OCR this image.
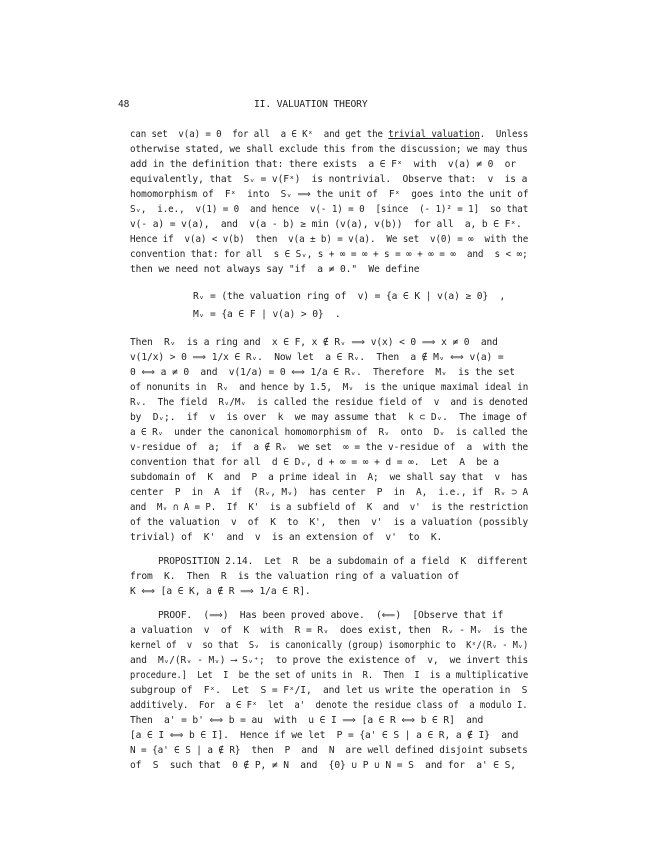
48	II. VALUATION THEORY
can set  v(a) = 0  for all  a ∈ Kˣ  and get the trivial valuation.  Unless
otherwise stated, we shall exclude this from the discussion; we may thus
add in the definition that: there exists  a ∈ Fˣ  with  v(a) ≠ 0  or
equivalently, that  Sᵥ = v(Fˣ)  is nontrivial.  Observe that:  v  is a
homomorphism of  Fˣ  into  Sᵥ ⟹ the unit of  Fˣ  goes into the unit of
Sᵥ,  i.e.,  v(1) = 0  and hence  v(- 1) = 0  [since  (- 1)² = 1]  so that
v(- a) = v(a),  and  v(a - b) ≥ min (v(a), v(b))  for all  a, b ∈ Fˣ.
Hence if  v(a) < v(b)  then  v(a ± b) = v(a).  We set  v(0) = ∞  with the
convention that: for all  s ∈ Sᵥ, s + ∞ = ∞ + s = ∞ + ∞ = ∞  and  s < ∞;
then we need not always say "if  a ≠ 0."  We define
Rᵥ = (the valuation ring of  v) = {a ∈ K | v(a) ≥ 0}  ,
Mᵥ = {a ∈ F | v(a) > 0}  .
Then  Rᵥ  is a ring and  x ∈ F, x ∉ Rᵥ ⟹ v(x) < 0 ⟹ x ≠ 0  and
v(1/x) > 0 ⟹ 1/x ∈ Rᵥ.  Now let  a ∈ Rᵥ.  Then  a ∉ Mᵥ ⟺ v(a) =
0 ⟺ a ≠ 0  and  v(1/a) = 0 ⟺ 1/a ∈ Rᵥ.  Therefore  Mᵥ  is the set
of nonunits in  Rᵥ  and hence by 1.5,  Mᵥ  is the unique maximal ideal in
Rᵥ.  The field  Rᵥ/Mᵥ  is called the residue field of  v  and is denoted
by  Dᵥ;.  if  v  is over  k  we may assume that  k ⊂ Dᵥ.  The image of
a ∈ Rᵥ  under the canonical homomorphism of  Rᵥ  onto  Dᵥ  is called the
v-residue of  a;  if  a ∉ Rᵥ  we set  ∞ = the v-residue of  a  with the
convention that for all  d ∈ Dᵥ, d + ∞ = ∞ + d = ∞.  Let  A  be a
subdomain of  K  and  P  a prime ideal in  A;  we shall say that  v  has
center  P  in  A  if  (Rᵥ, Mᵥ)  has center  P  in  A,  i.e., if  Rᵥ ⊃ A
and  Mᵥ ∩ A = P.  If  K'  is a subfield of  K  and  v'  is the restriction
of the valuation  v  of  K  to  K',  then  v'  is a valuation (possibly
trivial) of  K'  and  v  is an extension of  v'  to  K.
PROPOSITION 2.14.  Let  R  be a subdomain of a field  K  different
from  K.  Then  R  is the valuation ring of a valuation of
K ⟺ [a ∈ K, a ∉ R ⟹ 1/a ∈ R].
PROOF.  (⟹)  Has been proved above.  (⟸)  [Observe that if
a valuation  v  of  K  with  R = Rᵥ  does exist, then  Rᵥ - Mᵥ  is the
kernel of  v  so that  Sᵥ  is canonically (group) isomorphic to  Kˣ/(Rᵥ - Mᵥ)
and  Mᵥ/(Rᵥ - Mᵥ) ⟶ Sᵥ⁺;  to prove the existence of  v,  we invert this
procedure.]  Let  I  be the set of units in  R.  Then  I  is a multiplicative
subgroup of  Fˣ.  Let  S = Fˣ/I,  and let us write the operation in  S
additively.  For  a ∈ Fˣ  let  a'  denote the residue class of  a modulo I.
Then  a' = b' ⟺ b = au  with  u ∈ I ⟹ [a ∈ R ⟺ b ∈ R]  and
[a ∈ I ⟺ b ∈ I].  Hence if we let  P = {a' ∈ S | a ∈ R, a ∉ I}  and
N = {a' ∈ S | a ∉ R}  then  P  and  N  are well defined disjoint subsets
of  S  such that  0 ∉ P, ≠ N  and  {0} ∪ P ∪ N = S  and for  a' ∈ S,
